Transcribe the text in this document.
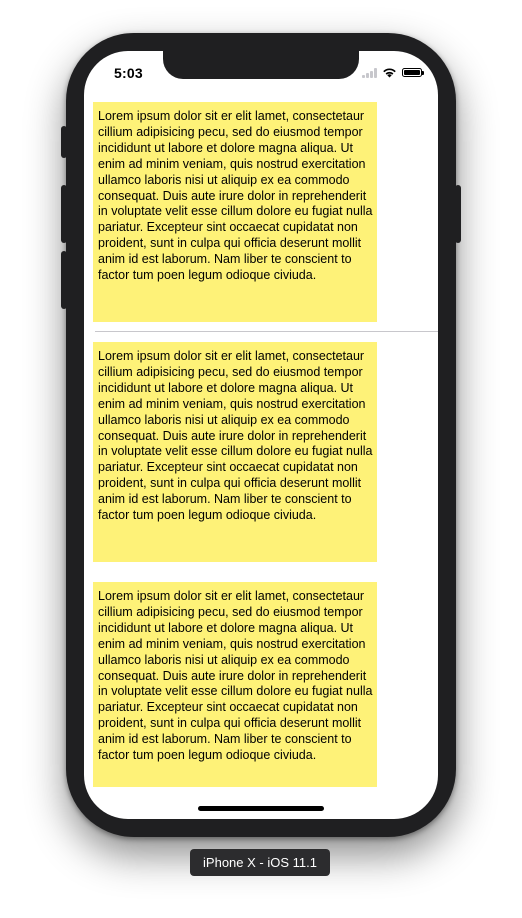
Lorem ipsum dolor sit er elit lamet, consectetaur cillium adipisicing pecu, sed do eiusmod tempor incididunt ut labore et dolore magna aliqua. Ut enim ad minim veniam, quis nostrud exercitation ullamco laboris nisi ut aliquip ex ea commodo consequat. Duis aute irure dolor in reprehenderit in voluptate velit esse cillum dolore eu fugiat nulla pariatur. Excepteur sint occaecat cupidatat non proident, sunt in culpa qui officia deserunt mollit anim id est laborum. Nam liber te conscient to factor tum poen legum odioque civiuda.
Lorem ipsum dolor sit er elit lamet, consectetaur cillium adipisicing pecu, sed do eiusmod tempor incididunt ut labore et dolore magna aliqua. Ut enim ad minim veniam, quis nostrud exercitation ullamco laboris nisi ut aliquip ex ea commodo consequat. Duis aute irure dolor in reprehenderit in voluptate velit esse cillum dolore eu fugiat nulla pariatur. Excepteur sint occaecat cupidatat non proident, sunt in culpa qui officia deserunt mollit anim id est laborum. Nam liber te conscient to factor tum poen legum odioque civiuda.
Lorem ipsum dolor sit er elit lamet, consectetaur cillium adipisicing pecu, sed do eiusmod tempor incididunt ut labore et dolore magna aliqua. Ut enim ad minim veniam, quis nostrud exercitation ullamco laboris nisi ut aliquip ex ea commodo consequat. Duis aute irure dolor in reprehenderit in voluptate velit esse cillum dolore eu fugiat nulla pariatur. Excepteur sint occaecat cupidatat non proident, sunt in culpa qui officia deserunt mollit anim id est laborum. Nam liber te conscient to factor tum poen legum odioque civiuda.
5:03
iPhone X - iOS 11.1
